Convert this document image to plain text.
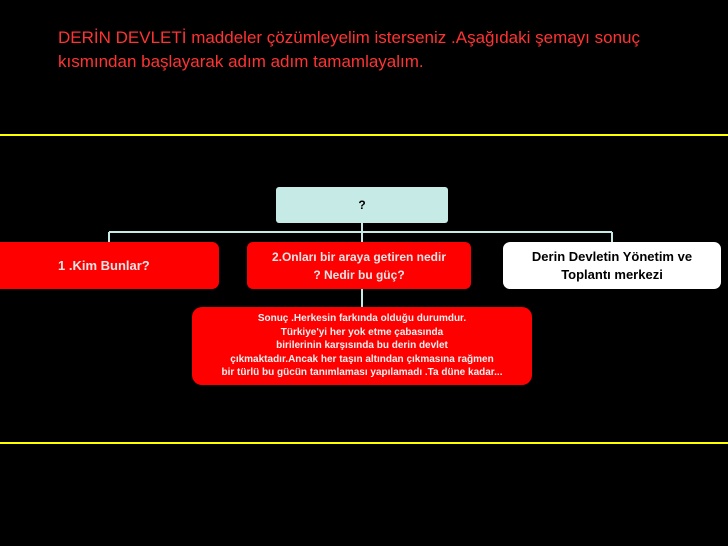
DERİN DEVLETİ maddeler çözümleyelim isterseniz .Aşağıdaki şemayı sonuç kısmından başlayarak adım adım tamamlayalım.
?
1 .Kim Bunlar?
2.Onları bir araya getiren nedir
? Nedir bu güç?
Derin Devletin Yönetim ve
Toplantı merkezi
Sonuç .Herkesin farkında olduğu durumdur.
Türkiye'yi her yok etme çabasında
birilerinin karşısında bu derin devlet
çıkmaktadır.Ancak her taşın altından çıkmasına rağmen
bir türlü bu gücün tanımlaması yapılamadı .Ta düne kadar...
